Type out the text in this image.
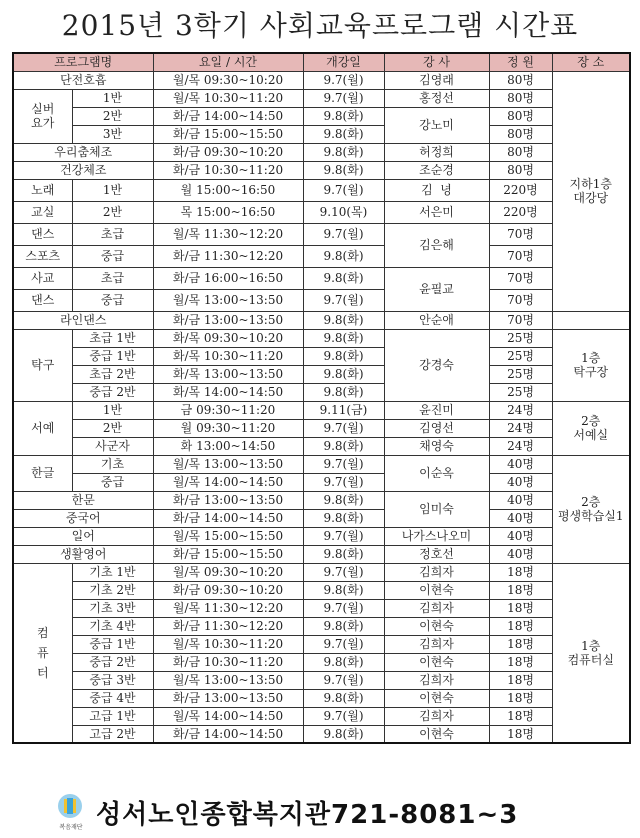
2015년 3학기 사회교육프로그램 시간표
프로그램명		요일 / 시간	개강일	강 사	정 원	장 소
단전호흡		월/목 09:30~10:20	9.7(월)	김영래	80명	지하1층
대강당
실버
요가	1반	월/목 10:30~11:20	9.7(월)	홍정선	80명	
	2반	화/금 14:00~14:50	9.8(화)	강노미	80명	
	3반	화/금 15:00~15:50	9.8(화)		80명	
우리춤체조		화/금 09:30~10:20	9.8(화)	허정희	80명	
건강체조		화/금 10:30~11:20	9.8(화)	조순경	80명	
노래	1반	월 15:00~16:50	9.7(월)	김  녕	220명	
교실	2반	목 15:00~16:50	9.10(목)	서은미	220명	
댄스	초급	월/목 11:30~12:20	9.7(월)	김은해	70명	
스포츠	중급	화/금 11:30~12:20	9.8(화)		70명	
사교	초급	화/금 16:00~16:50	9.8(화)	윤필교	70명	
댄스	중급	월/목 13:00~13:50	9.7(월)		70명	
라인댄스		화/금 13:00~13:50	9.8(화)	안순애	70명	
탁구	초급 1반	화/목 09:30~10:20	9.8(화)	강경숙	25명	1층
탁구장
	중급 1반	화/목 10:30~11:20	9.8(화)		25명	
	초급 2반	화/목 13:00~13:50	9.8(화)		25명	
	중급 2반	화/목 14:00~14:50	9.8(화)		25명	
서예	1반	금 09:30~11:20	9.11(금)	윤진미	24명	2층
서예실
	2반	월 09:30~11:20	9.7(월)	김영선	24명	
	사군자	화 13:00~14:50	9.8(화)	채영숙	24명	
한글	기초	월/목 13:00~13:50	9.7(월)	이순옥	40명	2층
평생학습실1
	중급	월/목 14:00~14:50	9.7(월)		40명	
한문		화/금 13:00~13:50	9.8(화)	임미숙	40명	
중국어		화/금 14:00~14:50	9.8(화)		40명	
일어		월/목 15:00~15:50	9.7(월)	나가스나오미	40명	
생활영어		화/금 15:00~15:50	9.8(화)	정호선	40명	
컴
퓨
터	기초 1반	월/목 09:30~10:20	9.7(월)	김희자	18명	1층
컴퓨터실
	기초 2반	화/금 09:30~10:20	9.8(화)	이현숙	18명	
	기초 3반	월/목 11:30~12:20	9.7(월)	김희자	18명	
	기초 4반	화/금 11:30~12:20	9.8(화)	이현숙	18명	
	중급 1반	월/목 10:30~11:20	9.7(월)	김희자	18명	
	중급 2반	화/금 10:30~11:20	9.8(화)	이현숙	18명	
	중급 3반	월/목 13:00~13:50	9.7(월)	김희자	18명	
	중급 4반	화/금 13:00~13:50	9.8(화)	이현숙	18명	
	고급 1반	월/목 14:00~14:50	9.7(월)	김희자	18명	
	고급 2반	화/금 14:00~14:50	9.8(화)	이현숙	18명	
복음재단 성서노인종합복지관721-8081~3
